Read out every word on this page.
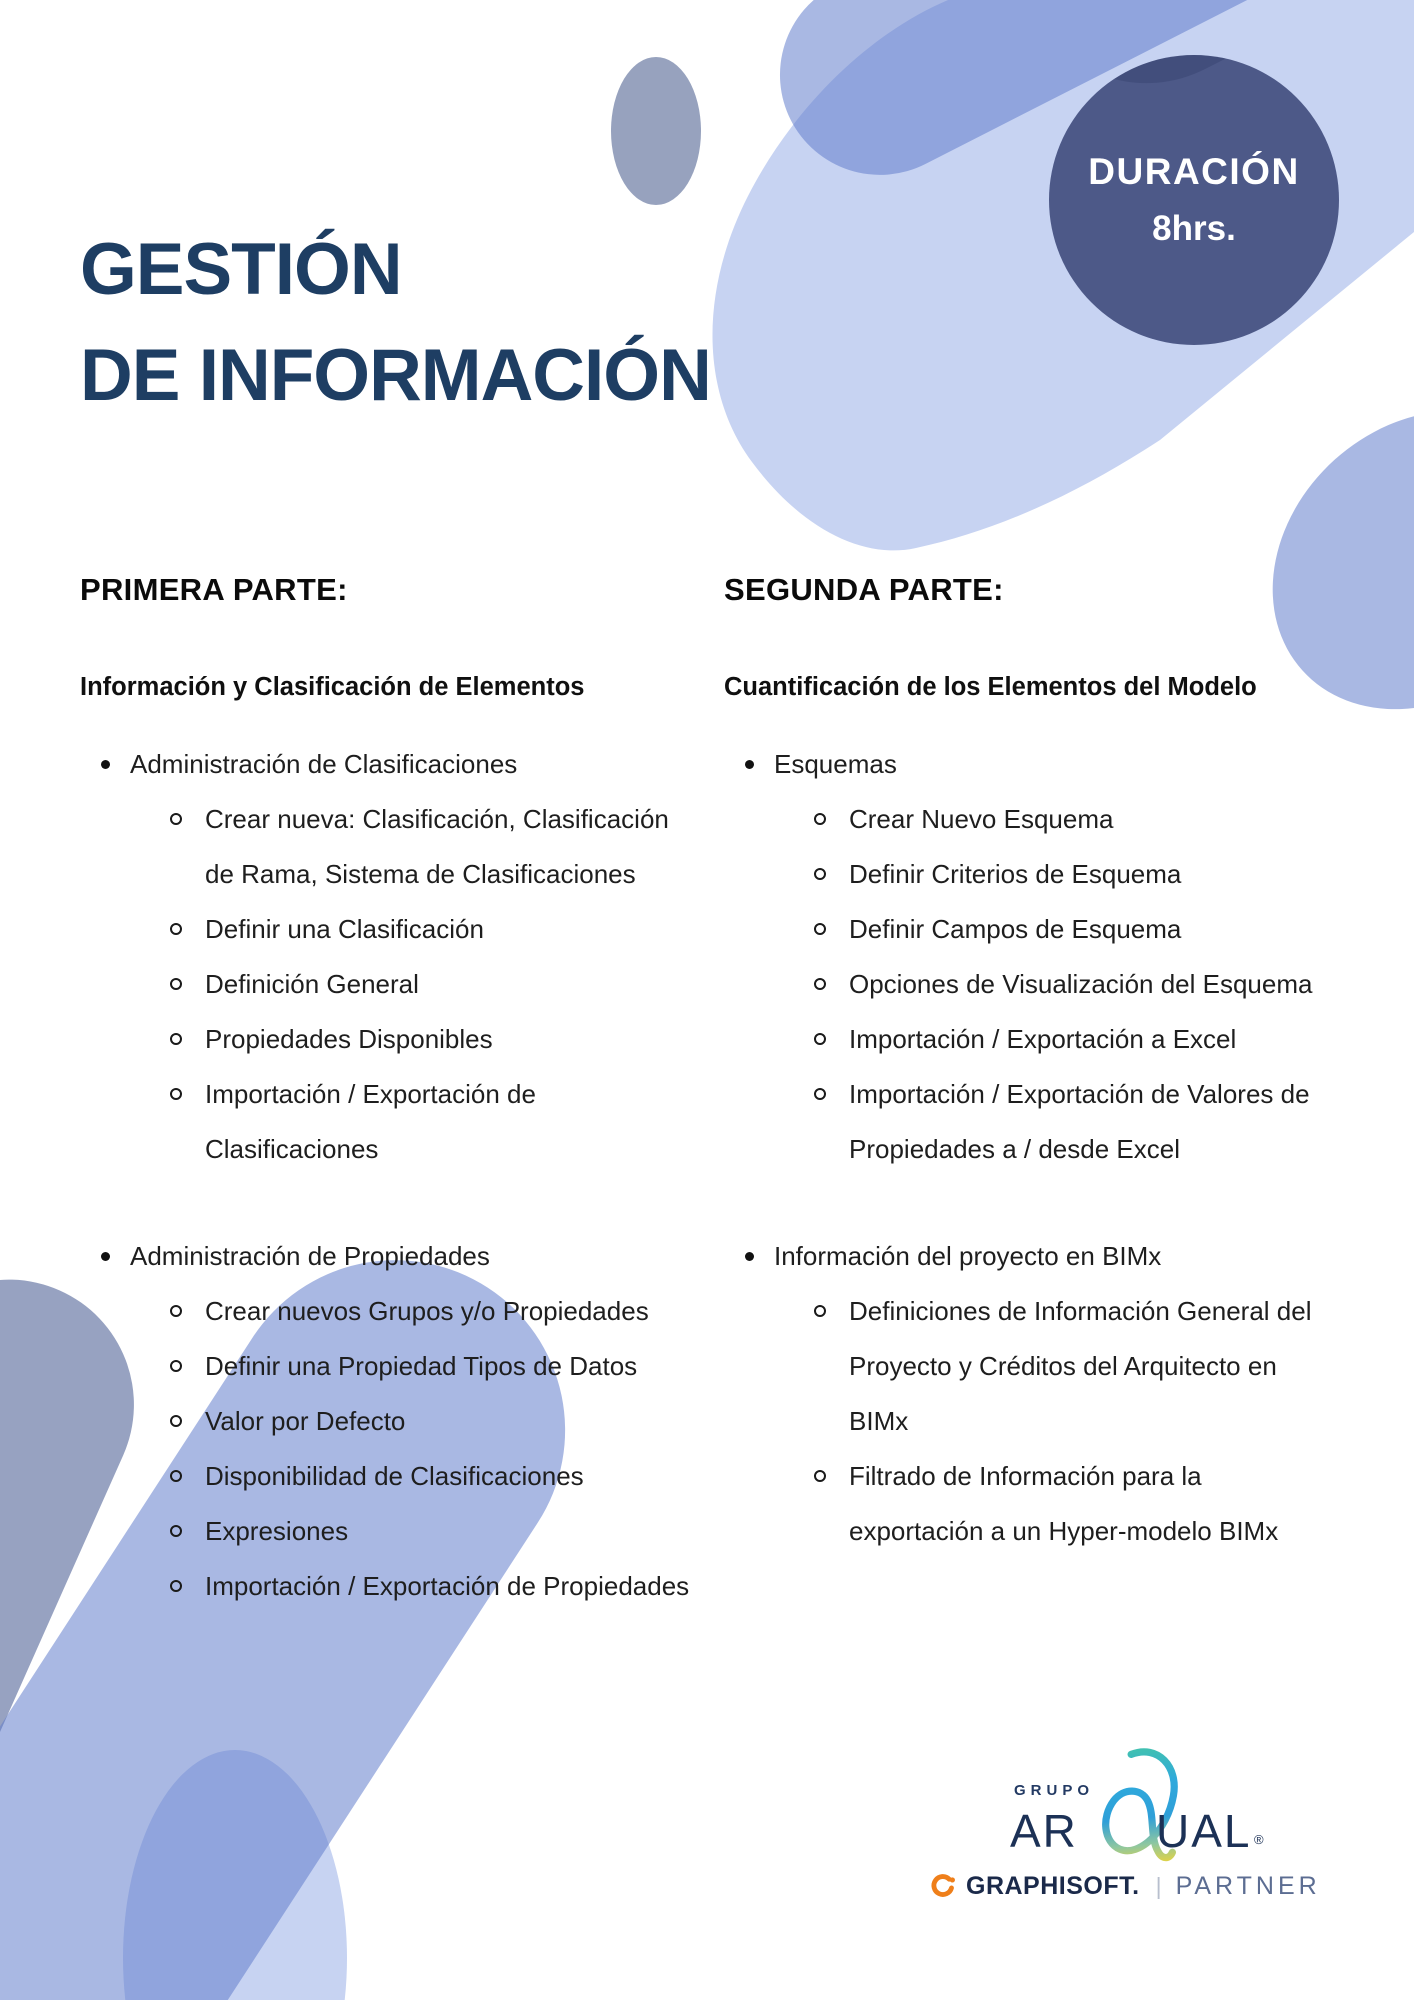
GESTIÓN
DE INFORMACIÓN
DURACIÓN
8hrs.
PRIMERA PARTE:
Información y Clasificación de Elementos
Administración de Clasificaciones
Crear nueva: Clasificación, Clasificación de Rama, Sistema de Clasificaciones
Definir una Clasificación
Definición General
Propiedades Disponibles
Importación / Exportación de Clasificaciones
Administración de Propiedades
Crear nuevos Grupos y/o Propiedades
Definir una Propiedad Tipos de Datos
Valor por Defecto
Disponibilidad de Clasificaciones
Expresiones
Importación / Exportación de Propiedades
SEGUNDA PARTE:
Cuantificación de los Elementos del Modelo
Esquemas
Crear Nuevo Esquema
Definir Criterios de Esquema
Definir Campos de Esquema
Opciones de Visualización del Esquema
Importación / Exportación a Excel
Importación / Exportación de Valores de Propiedades a / desde Excel
Información del proyecto en BIMx
Definiciones de Información General del Proyecto y Créditos del Arquitecto en BIMx
Filtrado de Información para la exportación a un Hyper-modelo BIMx
GRUPO
AR UAL ®
GRAPHISOFT. | PARTNER
